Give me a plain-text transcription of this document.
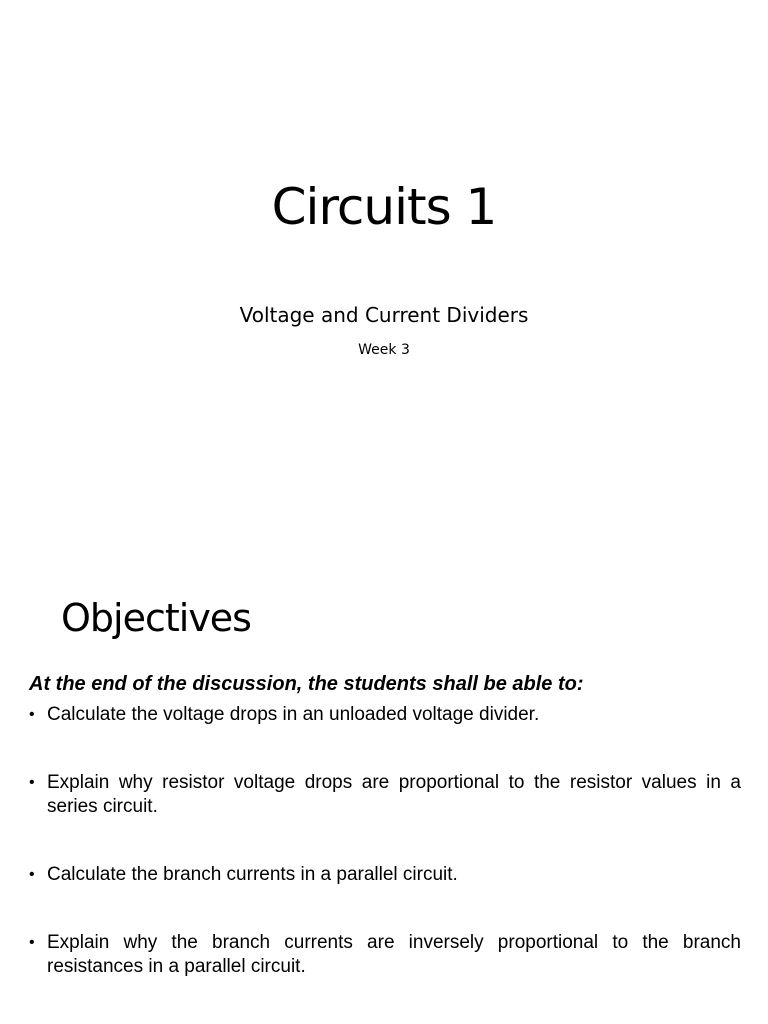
Circuits 1

Voltage and Current Dividers

Week 3

Objectives

At the end of the discussion, the students shall be able to:

• Calculate the voltage drops in an unloaded voltage divider.
• Explain why resistor voltage drops are proportional to the resistor values in a series circuit.
• Calculate the branch currents in a parallel circuit.
• Explain why the branch currents are inversely proportional to the branch resistances in a parallel circuit.
